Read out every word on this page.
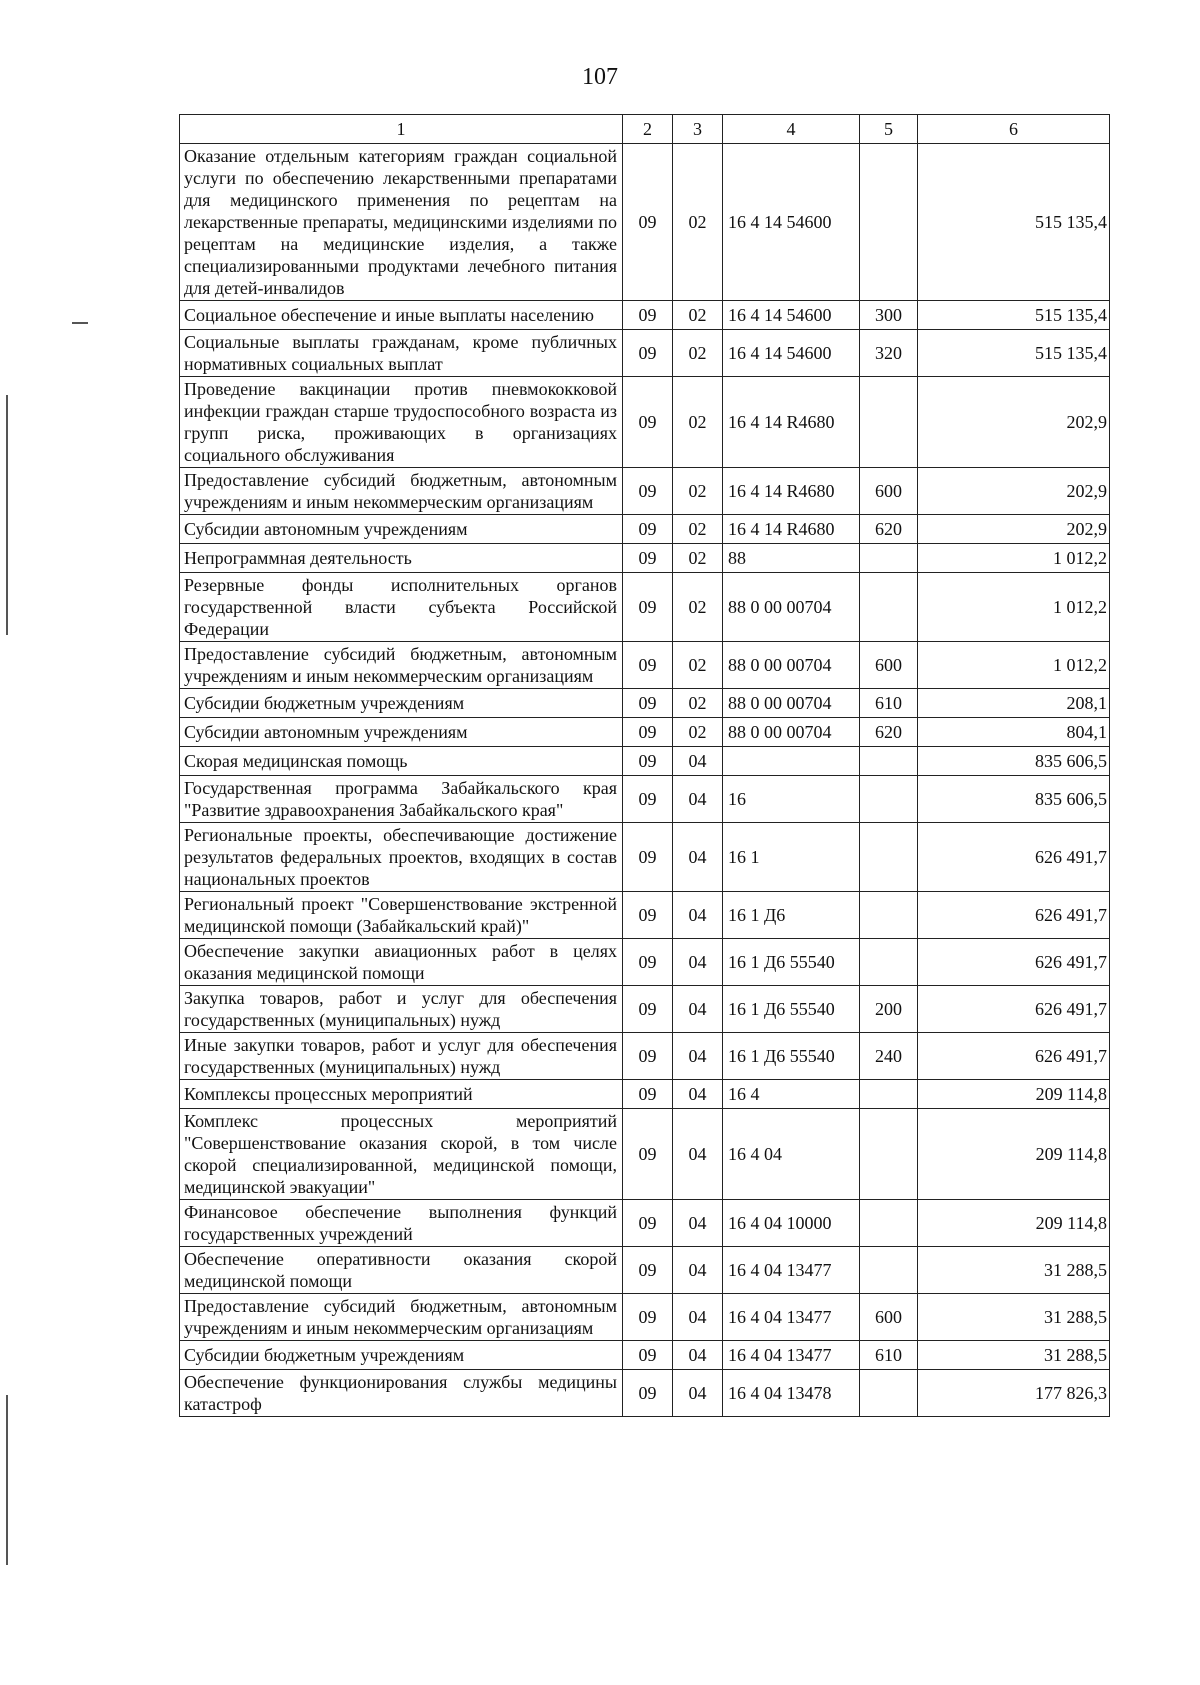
107
1	2	3	4	5	6
Оказание отдельным категориям граждан социальной услуги по обеспечению лекарственными препаратами для медицинского применения по рецептам на лекарственные препараты, медицинскими изделиями по рецептам на медицинские изделия, а также специализированными продуктами лечебного питания для детей-инвалидов	09	02	16 4 14 54600		515 135,4
Социальное обеспечение и иные выплаты населению	09	02	16 4 14 54600	300	515 135,4
Социальные выплаты гражданам, кроме публичных нормативных социальных выплат	09	02	16 4 14 54600	320	515 135,4
Проведение вакцинации против пневмококковой инфекции граждан старше трудоспособного возраста из групп риска, проживающих в организациях социального обслуживания	09	02	16 4 14 R4680		202,9
Предоставление субсидий бюджетным, автономным учреждениям и иным некоммерческим организациям	09	02	16 4 14 R4680	600	202,9
Субсидии автономным учреждениям	09	02	16 4 14 R4680	620	202,9
Непрограммная деятельность	09	02	88		1 012,2
Резервные фонды исполнительных органов государственной власти субъекта Российской Федерации	09	02	88 0 00 00704		1 012,2
Предоставление субсидий бюджетным, автономным учреждениям и иным некоммерческим организациям	09	02	88 0 00 00704	600	1 012,2
Субсидии бюджетным учреждениям	09	02	88 0 00 00704	610	208,1
Субсидии автономным учреждениям	09	02	88 0 00 00704	620	804,1
Скорая медицинская помощь	09	04			835 606,5
Государственная программа Забайкальского края "Развитие здравоохранения Забайкальского края"	09	04	16		835 606,5
Региональные проекты, обеспечивающие достижение результатов федеральных проектов, входящих в состав национальных проектов	09	04	16 1		626 491,7
Региональный проект "Совершенствование экстренной медицинской помощи (Забайкальский край)"	09	04	16 1 Д6		626 491,7
Обеспечение закупки авиационных работ в целях оказания медицинской помощи	09	04	16 1 Д6 55540		626 491,7
Закупка товаров, работ и услуг для обеспечения государственных (муниципальных) нужд	09	04	16 1 Д6 55540	200	626 491,7
Иные закупки товаров, работ и услуг для обеспечения государственных (муниципальных) нужд	09	04	16 1 Д6 55540	240	626 491,7
Комплексы процессных мероприятий	09	04	16 4		209 114,8
Комплекс процессных мероприятий "Совершенствование оказания скорой, в том числе скорой специализированной, медицинской помощи, медицинской эвакуации"	09	04	16 4 04		209 114,8
Финансовое обеспечение выполнения функций государственных учреждений	09	04	16 4 04 10000		209 114,8
Обеспечение оперативности оказания скорой медицинской помощи	09	04	16 4 04 13477		31 288,5
Предоставление субсидий бюджетным, автономным учреждениям и иным некоммерческим организациям	09	04	16 4 04 13477	600	31 288,5
Субсидии бюджетным учреждениям	09	04	16 4 04 13477	610	31 288,5
Обеспечение функционирования службы медицины катастроф	09	04	16 4 04 13478		177 826,3
